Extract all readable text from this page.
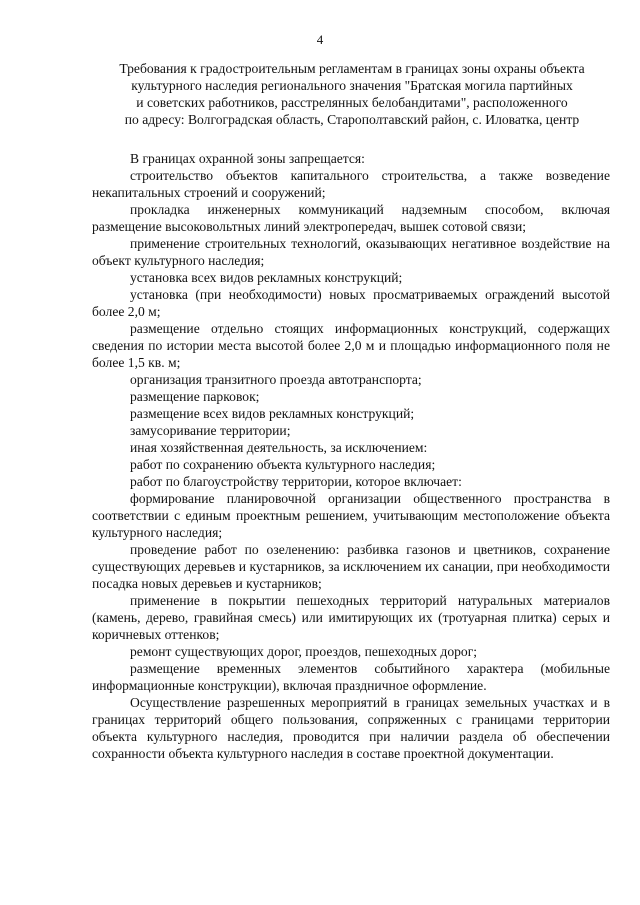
4
Требования к градостроительным регламентам в границах зоны охраны объекта
культурного наследия регионального значения "Братская могила партийных
и советских работников, расстрелянных белобандитами", расположенного
по адресу: Волгоградская область, Старополтавский район, с. Иловатка, центр

В границах охранной зоны запрещается:

строительство объектов капитального строительства, а также возведение некапитальных строений и сооружений;

прокладка инженерных коммуникаций надземным способом, включая размещение высоковольтных линий электропередач, вышек сотовой связи;

применение строительных технологий, оказывающих негативное воздействие на объект культурного наследия;

установка всех видов рекламных конструкций;

установка (при необходимости) новых просматриваемых ограждений высотой более 2,0 м;

размещение отдельно стоящих информационных конструкций, содержащих сведения по истории места высотой более 2,0 м и площадью информационного поля не более 1,5 кв. м;

организация транзитного проезда автотранспорта;

размещение парковок;

размещение всех видов рекламных конструкций;

замусоривание территории;

иная хозяйственная деятельность, за исключением:

работ по сохранению объекта культурного наследия;

работ по благоустройству территории, которое включает:

формирование планировочной организации общественного пространства в соответствии с единым проектным решением, учитывающим местоположение объекта культурного наследия;

проведение работ по озеленению: разбивка газонов и цветников, сохранение существующих деревьев и кустарников, за исключением их санации, при необходимости посадка новых деревьев и кустарников;

применение в покрытии пешеходных территорий натуральных материалов (камень, дерево, гравийная смесь) или имитирующих их (тротуарная плитка) серых и коричневых оттенков;

ремонт существующих дорог, проездов, пешеходных дорог;

размещение временных элементов событийного характера (мобильные информационные конструкции), включая праздничное оформление.

Осуществление разрешенных мероприятий в границах земельных участках и в границах территорий общего пользования, сопряженных с границами территории объекта культурного наследия, проводится при наличии раздела об обеспечении сохранности объекта культурного наследия в составе проектной документации.
